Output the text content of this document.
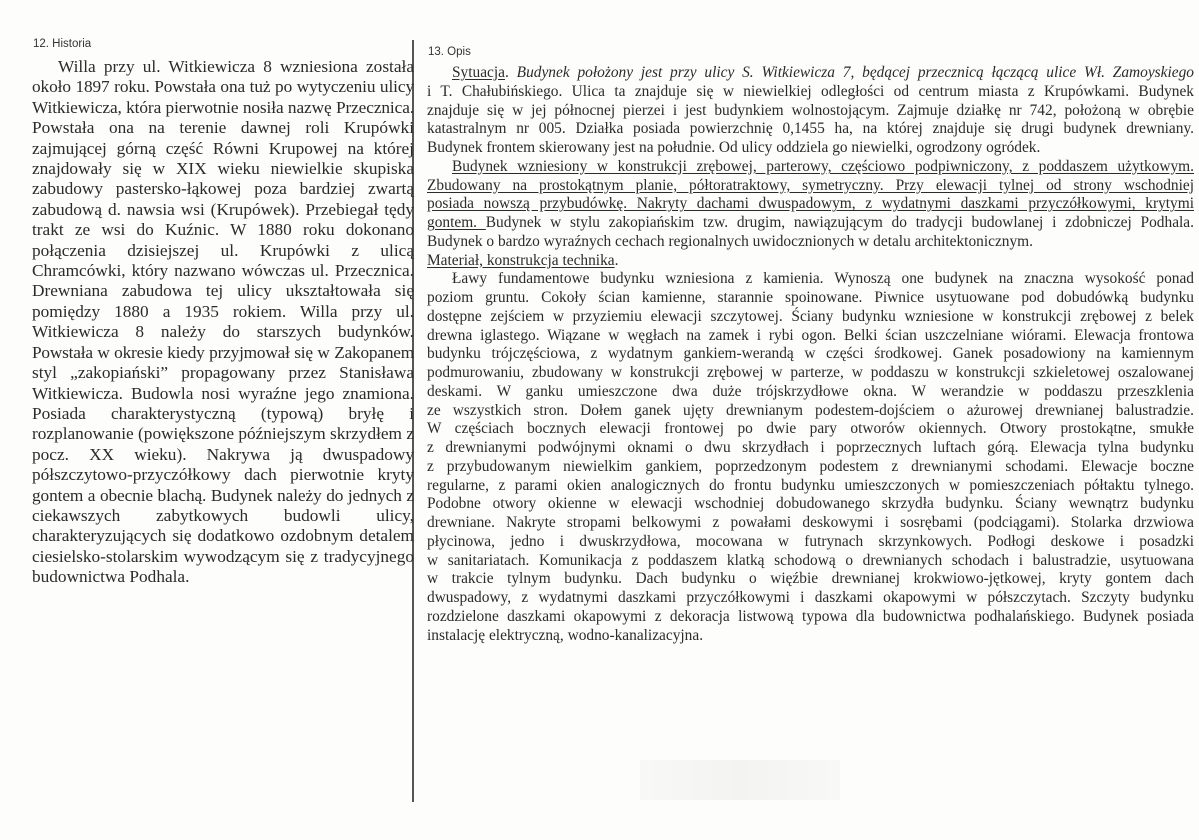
12. Historia
13. Opis
Willa przy ul. Witkiewicza 8 wzniesiona została
około 1897 roku. Powstała ona tuż po wytyczeniu ulicy
Witkiewicza, która pierwotnie nosiła nazwę Przecznica.
Powstała ona na terenie dawnej roli Krupówki
zajmującej górną część Równi Krupowej na której
znajdowały się w XIX wieku niewielkie skupiska
zabudowy pastersko-łąkowej poza bardziej zwartą
zabudową d. nawsia wsi (Krupówek). Przebiegał tędy
trakt ze wsi do Kuźnic. W 1880 roku dokonano
połączenia dzisiejszej ul. Krupówki z ulicą
Chramcówki, który nazwano wówczas ul. Przecznica.
Drewniana zabudowa tej ulicy ukształtowała się
pomiędzy 1880 a 1935 rokiem. Willa przy ul.
Witkiewicza 8 należy do starszych budynków.
Powstała w okresie kiedy przyjmował się w Zakopanem
styl „zakopiański” propagowany przez Stanisława
Witkiewicza. Budowla nosi wyraźne jego znamiona.
Posiada charakterystyczną (typową) bryłę i
rozplanowanie (powiększone późniejszym skrzydłem z
pocz. XX wieku). Nakrywa ją dwuspadowy
półszczytowo-przyczółkowy dach pierwotnie kryty
gontem a obecnie blachą. Budynek należy do jednych z
ciekawszych zabytkowych budowli ulicy,
charakteryzujących się dodatkowo ozdobnym detalem
ciesielsko-stolarskim wywodzącym się z tradycyjnego
budownictwa Podhala.
Sytuacja. Budynek położony jest przy ulicy S. Witkiewicza 7, będącej przecznicą łączącą ulice Wł. Zamoyskiego
i T. Chałubińskiego. Ulica ta znajduje się w niewielkiej odległości od centrum miasta z Krupówkami. Budynek
znajduje się w jej północnej pierzei i jest budynkiem wolnostojącym. Zajmuje działkę nr 742, położoną w obrębie
katastralnym nr 005. Działka posiada powierzchnię 0,1455 ha, na której znajduje się drugi budynek drewniany.
Budynek frontem skierowany jest na południe. Od ulicy oddziela go niewielki, ogrodzony ogródek.
Budynek wzniesiony w konstrukcji zrębowej, parterowy, częściowo podpiwniczony, z poddaszem użytkowym.
Zbudowany na prostokątnym planie, półtoratraktowy, symetryczny. Przy elewacji tylnej od strony wschodniej
posiada nowszą przybudówkę. Nakryty dachami dwuspadowym, z wydatnymi daszkami przyczółkowymi, krytymi
gontem. Budynek w stylu zakopiańskim tzw. drugim, nawiązującym do tradycji budowlanej i zdobniczej Podhala.
Budynek o bardzo wyraźnych cechach regionalnych uwidocznionych w detalu architektonicznym.
Materiał, konstrukcja technika.
Ławy fundamentowe budynku wzniesiona z kamienia. Wynoszą one budynek na znaczna wysokość ponad
poziom gruntu. Cokoły ścian kamienne, starannie spoinowane. Piwnice usytuowane pod dobudówką budynku
dostępne zejściem w przyziemiu elewacji szczytowej. Ściany budynku wzniesione w konstrukcji zrębowej z belek
drewna iglastego. Wiązane w węgłach na zamek i rybi ogon. Belki ścian uszczelniane wiórami. Elewacja frontowa
budynku trójczęściowa, z wydatnym gankiem-werandą w części środkowej. Ganek posadowiony na kamiennym
podmurowaniu, zbudowany w konstrukcji zrębowej w parterze, w poddaszu w konstrukcji szkieletowej oszalowanej
deskami. W ganku umieszczone dwa duże trójskrzydłowe okna. W werandzie w poddaszu przeszklenia
ze wszystkich stron. Dołem ganek ujęty drewnianym podestem-dojściem o ażurowej drewnianej balustradzie.
W częściach bocznych elewacji frontowej po dwie pary otworów okiennych. Otwory prostokątne, smukłe
z drewnianymi podwójnymi oknami o dwu skrzydłach i poprzecznych luftach górą. Elewacja tylna budynku
z przybudowanym niewielkim gankiem, poprzedzonym podestem z drewnianymi schodami. Elewacje boczne
regularne, z parami okien analogicznych do frontu budynku umieszczonych w pomieszczeniach półtaktu tylnego.
Podobne otwory okienne w elewacji wschodniej dobudowanego skrzydła budynku. Ściany wewnątrz budynku
drewniane. Nakryte stropami belkowymi z powałami deskowymi i sosrębami (podciągami). Stolarka drzwiowa
płycinowa, jedno i dwuskrzydłowa, mocowana w futrynach skrzynkowych. Podłogi deskowe i posadzki
w sanitariatach. Komunikacja z poddaszem klatką schodową o drewnianych schodach i balustradzie, usytuowana
w trakcie tylnym budynku. Dach budynku o więźbie drewnianej krokwiowo-jętkowej, kryty gontem dach
dwuspadowy, z wydatnymi daszkami przyczółkowymi i daszkami okapowymi w półszczytach. Szczyty budynku
rozdzielone daszkami okapowymi z dekoracja listwową typowa dla budownictwa podhalańskiego. Budynek posiada
instalację elektryczną, wodno-kanalizacyjna.
